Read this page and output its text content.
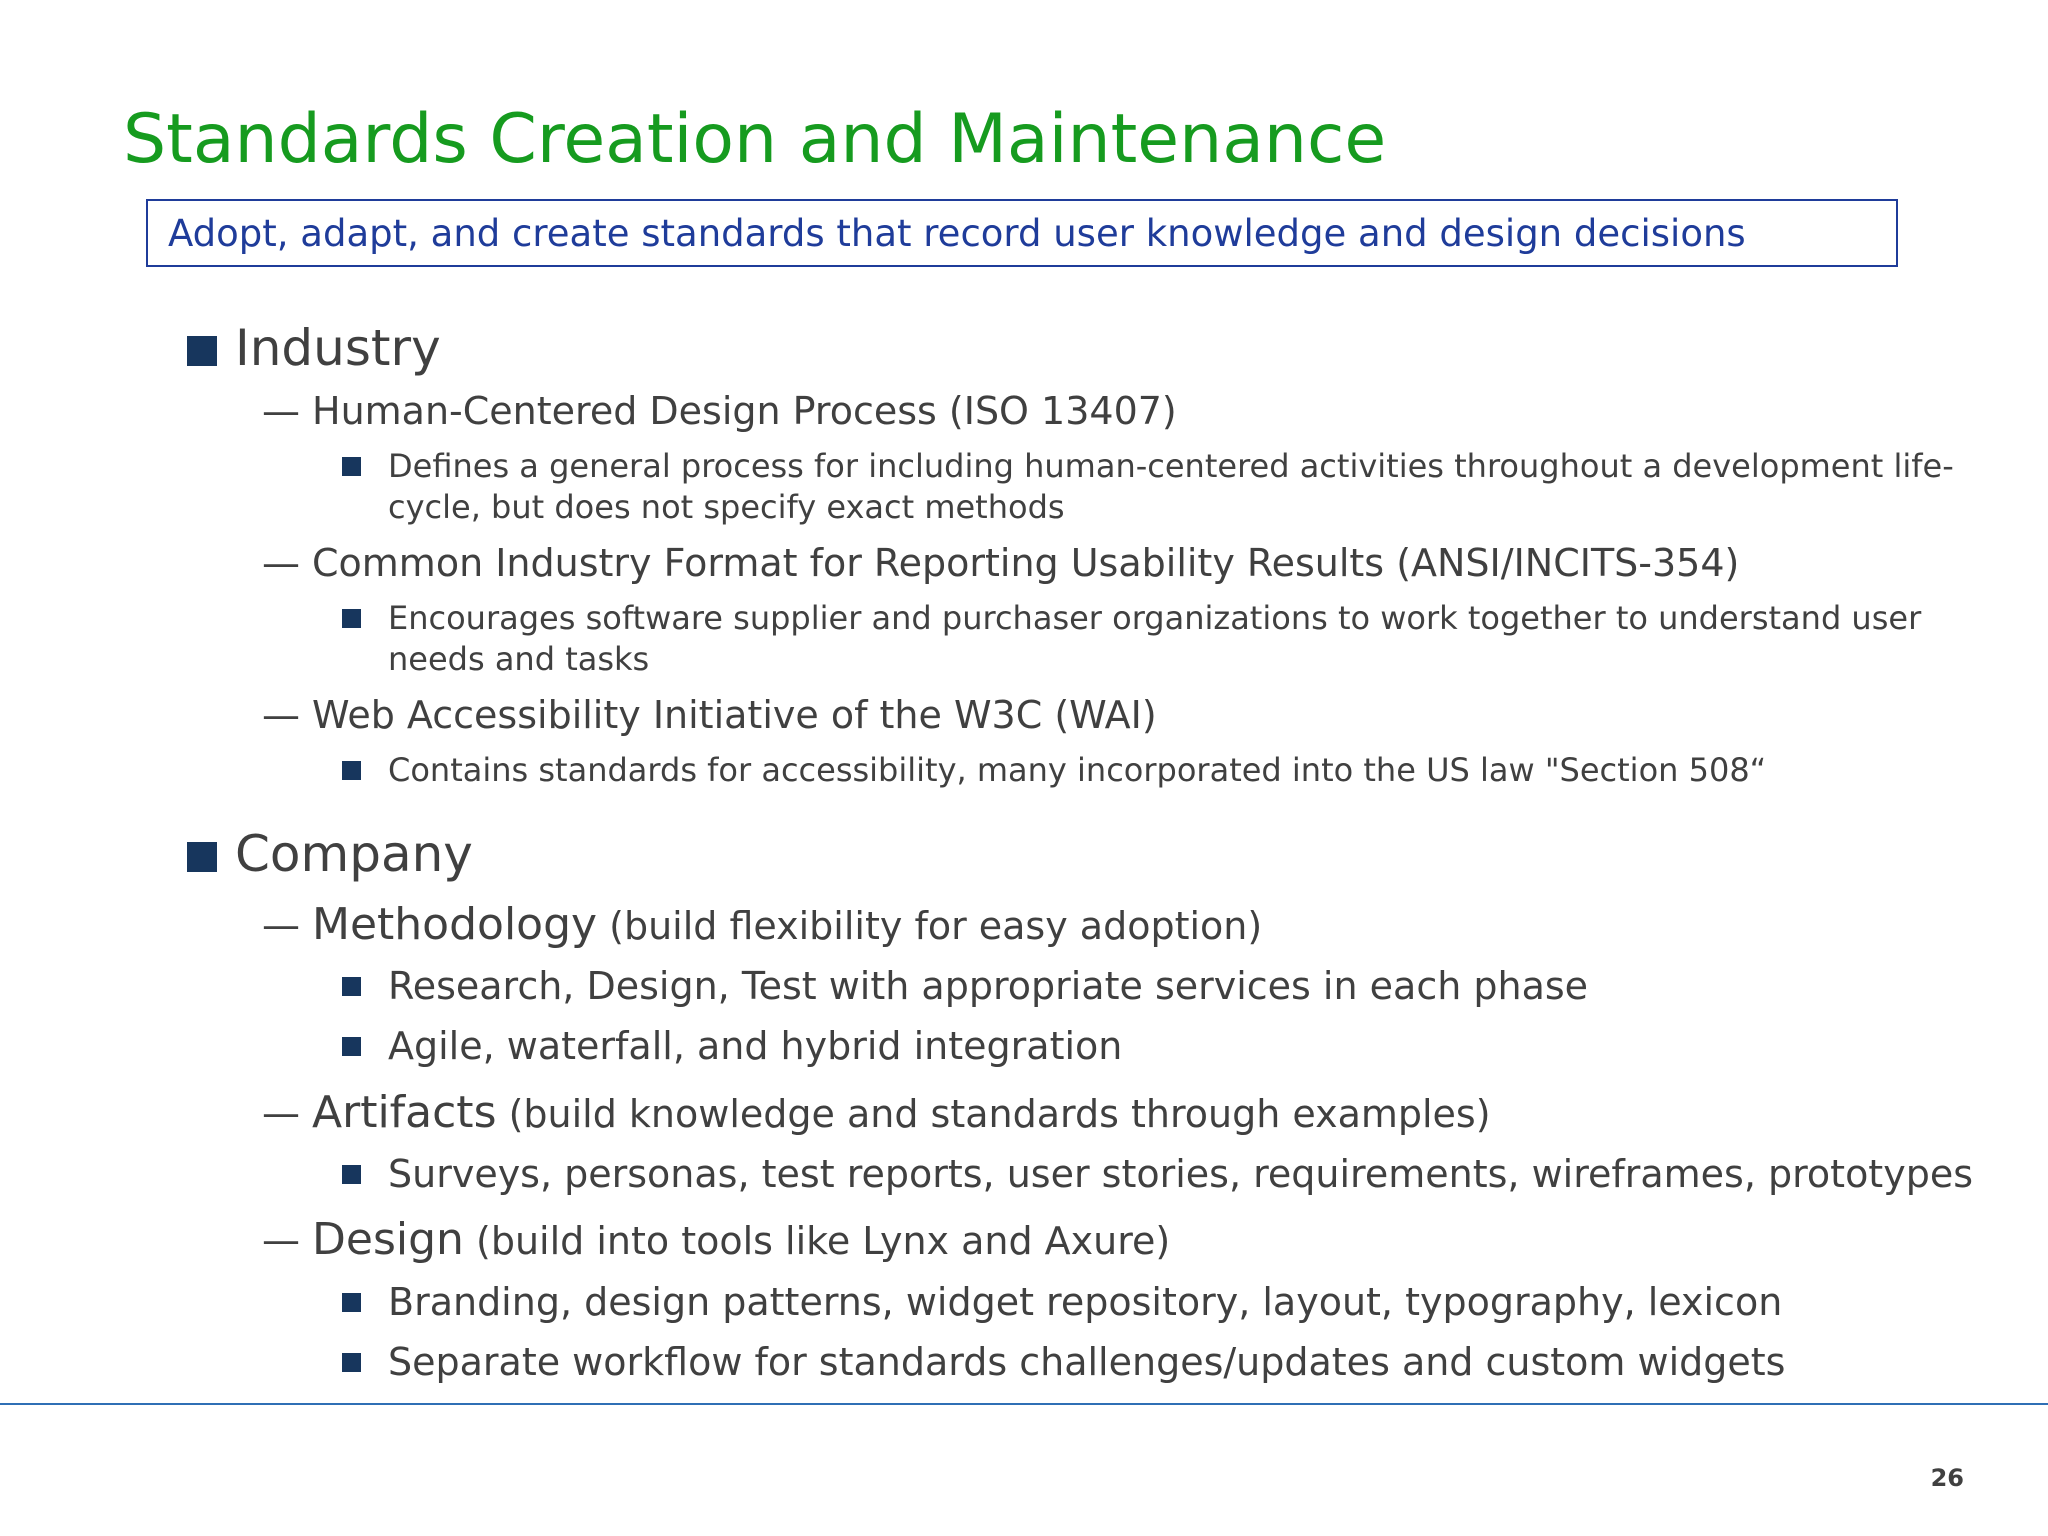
Standards Creation and Maintenance
Adopt, adapt, and create standards that record user knowledge and design decisions
Industry
— Human-Centered Design Process (ISO 13407)
Defines a general process for including human-centered activities throughout a development life-
cycle, but does not specify exact methods
— Common Industry Format for Reporting Usability Results (ANSI/INCITS-354)
Encourages software supplier and purchaser organizations to work together to understand user
needs and tasks
— Web Accessibility Initiative of the W3C (WAI)
Contains standards for accessibility, many incorporated into the US law "Section 508“
Company
— Methodology (build flexibility for easy adoption)
Research, Design, Test with appropriate services in each phase
Agile, waterfall, and hybrid integration
— Artifacts (build knowledge and standards through examples)
Surveys, personas, test reports, user stories, requirements, wireframes, prototypes
— Design (build into tools like Lynx and Axure)
Branding, design patterns, widget repository, layout, typography, lexicon
Separate workflow for standards challenges/updates and custom widgets
26
